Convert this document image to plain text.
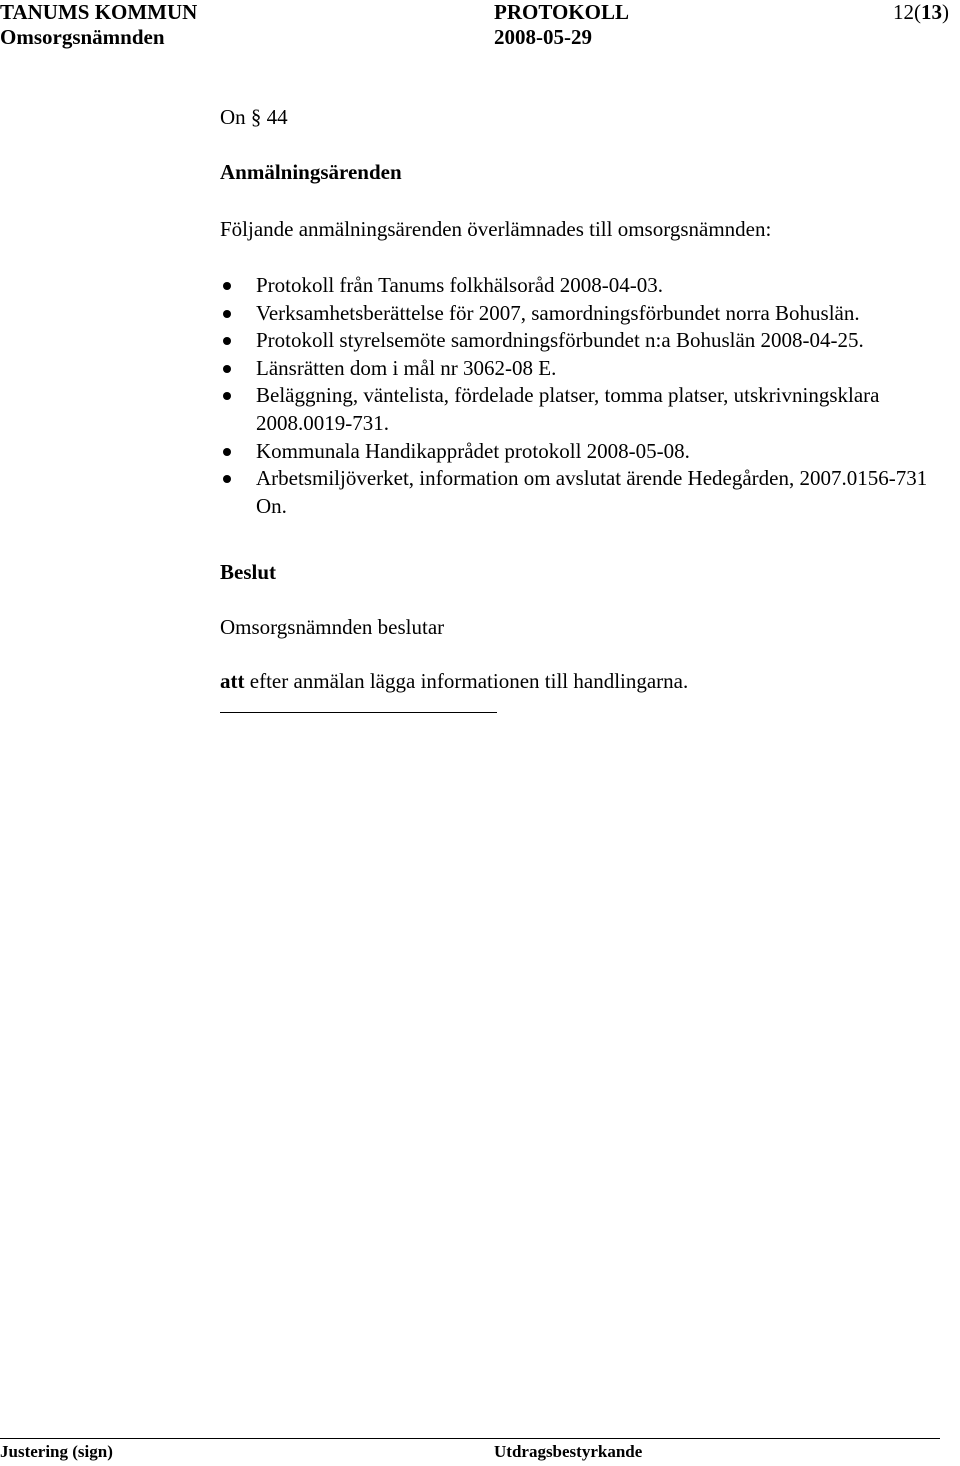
TANUMS KOMMUN	PROTOKOLL	12(13)
Omsorgsnämnden	2008-05-29
On § 44
Anmälningsärenden
Följande anmälningsärenden överlämnades till omsorgsnämnden:
Protokoll från Tanums folkhälsoråd 2008-04-03.
Verksamhetsberättelse för 2007, samordningsförbundet norra Bohuslän.
Protokoll styrelsemöte samordningsförbundet n:a Bohuslän 2008-04-25.
Länsrätten dom i mål nr 3062-08 E.
Beläggning, väntelista, fördelade platser, tomma platser, utskrivningsklara 2008.0019-731.
Kommunala Handikapprådet protokoll 2008-05-08.
Arbetsmiljöverket, information om avslutat ärende Hedegården, 2007.0156-731 On.
Beslut
Omsorgsnämnden beslutar
att efter anmälan lägga informationen till handlingarna.
Justering (sign)	Utdragsbestyrkande
